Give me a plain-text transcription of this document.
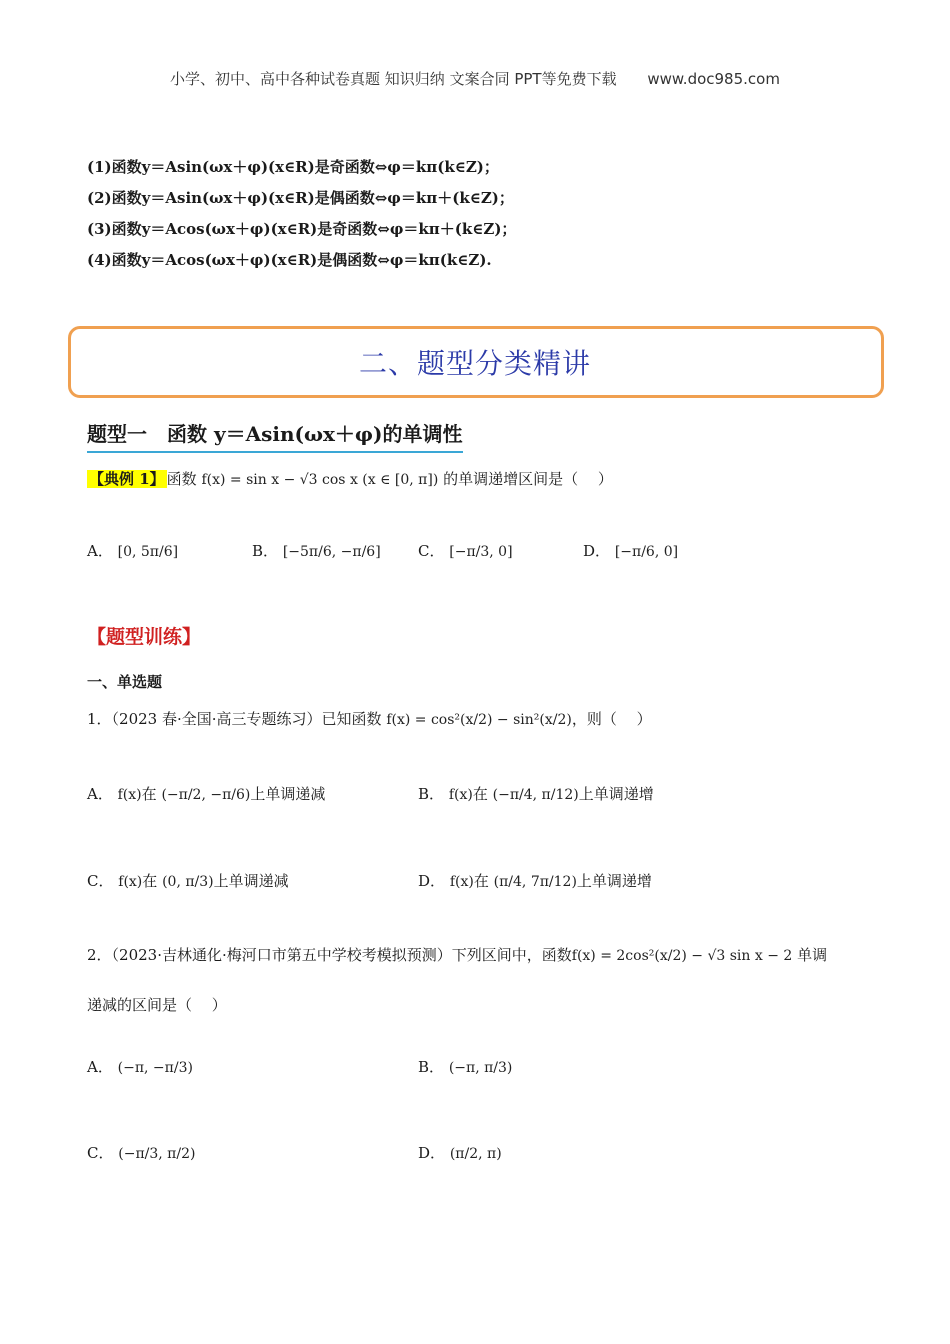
小学、初中、高中各种试卷真题 知识归纳 文案合同 PPT等免费下载 www.doc985.com
(1)函数y＝Asin(ωx＋φ)(x∈R)是奇函数⇔φ＝kπ(k∈Z)；
(2)函数y＝Asin(ωx＋φ)(x∈R)是偶函数⇔φ＝kπ＋(k∈Z)；
(3)函数y＝Acos(ωx＋φ)(x∈R)是奇函数⇔φ＝kπ＋(k∈Z)；
(4)函数y＝Acos(ωx＋φ)(x∈R)是偶函数⇔φ＝kπ(k∈Z).
二、题型分类精讲
题型一　函数 y＝Asin(ωx＋φ)的单调性
【典例 1】 函数 f(x) = sin x − √3 cos x (x ∈ [0, π]) 的单调递增区间是（　 ）
A． [0, 5π/6]	B． [−5π/6, −π/6] C． [−π/3, 0]	D． [−π/6, 0]
【题型训练】
一、单选题
1．（2023 春·全国·高三专题练习）已知函数 f(x) = cos²(x/2) − sin²(x/2)，则（　 ）
A． f(x)在 (−π/2, −π/6)上单调递减	B． f(x)在 (−π/4, π/12)上单调递增
C． f(x)在 (0, π/3)上单调递减	D． f(x)在 (π/4, 7π/12)上单调递增
2．（2023·吉林通化·梅河口市第五中学校考模拟预测）下列区间中，函数f(x) = 2cos²(x/2) − √3 sin x − 2 单调
递减的区间是（　 ）
A． (−π, −π/3)	B． (−π, π/3)
C． (−π/3, π/2)	D． (π/2, π)
